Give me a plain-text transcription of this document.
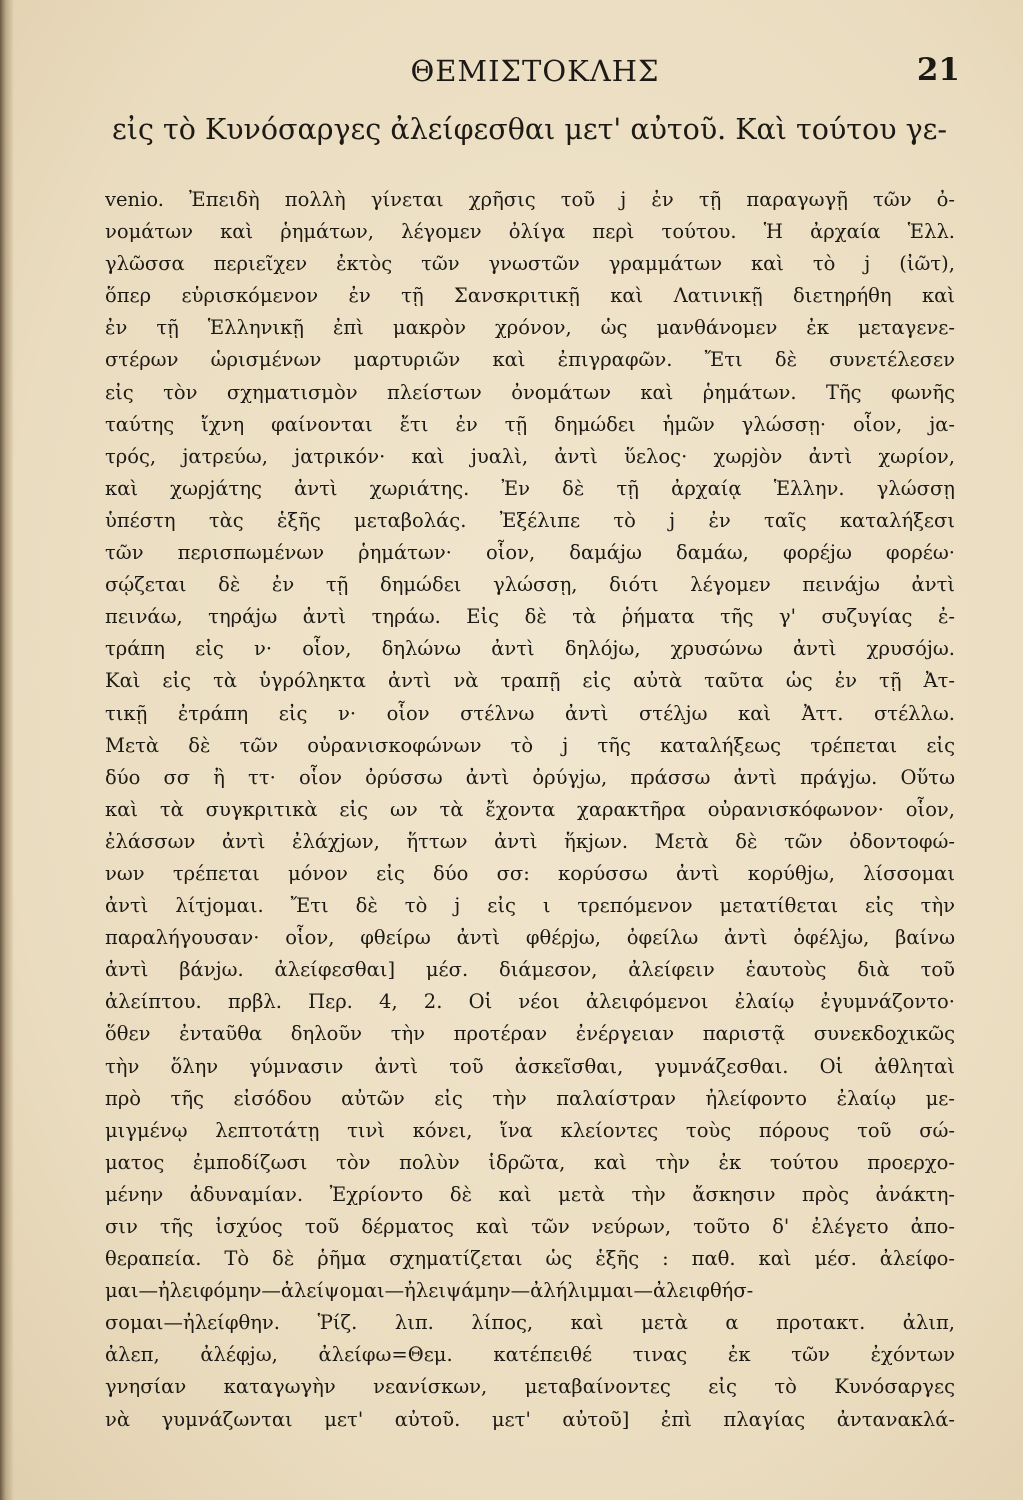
ΘΕΜΙΣΤΟΚΛΗΣ	21
εἰς τὸ Κυνόσαργες ἀλείφεσθαι μετ' αὐτοῦ. Καὶ τούτου γε-
venio. Ἐπειδὴ πολλὴ γίνεται χρῆσις τοῦ j ἐν τῇ παραγωγῇ τῶν ὀ-
νομάτων καὶ ῥημάτων, λέγομεν ὀλίγα περὶ τούτου. Ἡ ἀρχαία Ἑλλ.
γλῶσσα περιεῖχεν ἐκτὸς τῶν γνωστῶν γραμμάτων καὶ τὸ j (ἰῶτ),
ὅπερ εὑρισκόμενον ἐν τῇ Σανσκριτικῇ καὶ Λατινικῇ διετηρήθη καὶ
ἐν τῇ Ἑλληνικῇ ἐπὶ μακρὸν χρόνον, ὡς μανθάνομεν ἐκ μεταγενε-
στέρων ὡρισμένων μαρτυριῶν καὶ ἐπιγραφῶν. Ἔτι δὲ συνετέλεσεν
εἰς τὸν σχηματισμὸν πλείστων ὀνομάτων καὶ ῥημάτων. Τῆς φωνῆς
ταύτης ἴχνη φαίνονται ἔτι ἐν τῇ δημώδει ἡμῶν γλώσσῃ· οἷον, jα-
τρός, jατρεύω, jατρικόν· καὶ jυαλὶ, ἀντὶ ὕελος· χωρjὸν ἀντὶ χωρίον,
καὶ χωρjάτης ἀντὶ χωριάτης. Ἐν δὲ τῇ ἀρχαίᾳ Ἑλλην. γλώσσῃ
ὑπέστη τὰς ἑξῆς μεταβολάς. Ἐξέλιπε τὸ j ἐν ταῖς καταλήξεσι
τῶν περισπωμένων ῥημάτων· οἷον, δαμάjω δαμάω, φορέjω φορέω·
σῴζεται δὲ ἐν τῇ δημώδει γλώσσῃ, διότι λέγομεν πεινάjω ἀντὶ
πεινάω, τηράjω ἀντὶ τηράω. Εἰς δὲ τὰ ῥήματα τῆς γ' συζυγίας ἐ-
τράπη εἰς ν· οἷον, δηλώνω ἀντὶ δηλόjω, χρυσώνω ἀντὶ χρυσόjω.
Καὶ εἰς τὰ ὑγρόληκτα ἀντὶ νὰ τραπῇ εἰς αὐτὰ ταῦτα ὡς ἐν τῇ Ἀτ-
τικῇ ἐτράπη εἰς ν· οἷον στέλνω ἀντὶ στέλjω καὶ Ἀττ. στέλλω.
Μετὰ δὲ τῶν οὐρανισκοφώνων τὸ j τῆς καταλήξεως τρέπεται εἰς
δύο σσ ἢ ττ· οἷον ὀρύσσω ἀντὶ ὀρύγjω, πράσσω ἀντὶ πράγjω. Οὕτω
καὶ τὰ συγκριτικὰ εἰς ων τὰ ἔχοντα χαρακτῆρα οὐρανισκόφωνον· οἷον,
ἐλάσσων ἀντὶ ἐλάχjων, ἥττων ἀντὶ ἥκjων. Μετὰ δὲ τῶν ὀδοντοφώ-
νων τρέπεται μόνον εἰς δύο σσ: κορύσσω ἀντὶ κορύθjω, λίσσομαι
ἀντὶ λίτjομαι. Ἔτι δὲ τὸ j εἰς ι τρεπόμενον μετατίθεται εἰς τὴν
παραλήγουσαν· οἷον, φθείρω ἀντὶ φθέρjω, ὀφείλω ἀντὶ ὀφέλjω, βαίνω
ἀντὶ βάνjω. ἀλείφεσθαι] μέσ. διάμεσον, ἀλείφειν ἑαυτοὺς διὰ τοῦ
ἀλείπτου. πρβλ. Περ. 4, 2. Οἱ νέοι ἀλειφόμενοι ἐλαίῳ ἐγυμνάζοντο·
ὅθεν ἐνταῦθα δηλοῦν τὴν προτέραν ἐνέργειαν παριστᾷ συνεκδοχικῶς
τὴν ὅλην γύμνασιν ἀντὶ τοῦ ἀσκεῖσθαι, γυμνάζεσθαι. Οἱ ἀθληταὶ
πρὸ τῆς εἰσόδου αὐτῶν εἰς τὴν παλαίστραν ἠλείφοντο ἐλαίῳ με-
μιγμένῳ λεπτοτάτῃ τινὶ κόνει, ἵνα κλείοντες τοὺς πόρους τοῦ σώ-
ματος ἐμποδίζωσι τὸν πολὺν ἱδρῶτα, καὶ τὴν ἐκ τούτου προερχο-
μένην ἀδυναμίαν. Ἐχρίοντο δὲ καὶ μετὰ τὴν ἄσκησιν πρὸς ἀνάκτη-
σιν τῆς ἰσχύος τοῦ δέρματος καὶ τῶν νεύρων, τοῦτο δ' ἐλέγετο ἀπο-
θεραπεία. Τὸ δὲ ῥῆμα σχηματίζεται ὡς ἑξῆς : παθ. καὶ μέσ. ἀλείφο-
μαι—ἠλειφόμην—ἀλείψομαι—ἠλειψάμην—ἀλήλιμμαι—ἀλειφθήσ-
σομαι—ἠλείφθην. Ῥίζ. λιπ. λίπος, καὶ μετὰ α προτακτ. ἀλιπ,
ἀλεπ, ἀλέφjω, ἀλείφω=Θεμ. κατέπειθέ τινας ἐκ τῶν ἐχόντων
γνησίαν καταγωγὴν νεανίσκων, μεταβαίνοντες εἰς τὸ Κυνόσαργες
νὰ γυμνάζωνται μετ' αὐτοῦ. μετ' αὐτοῦ] ἐπὶ πλαγίας ἀντανακλά-
